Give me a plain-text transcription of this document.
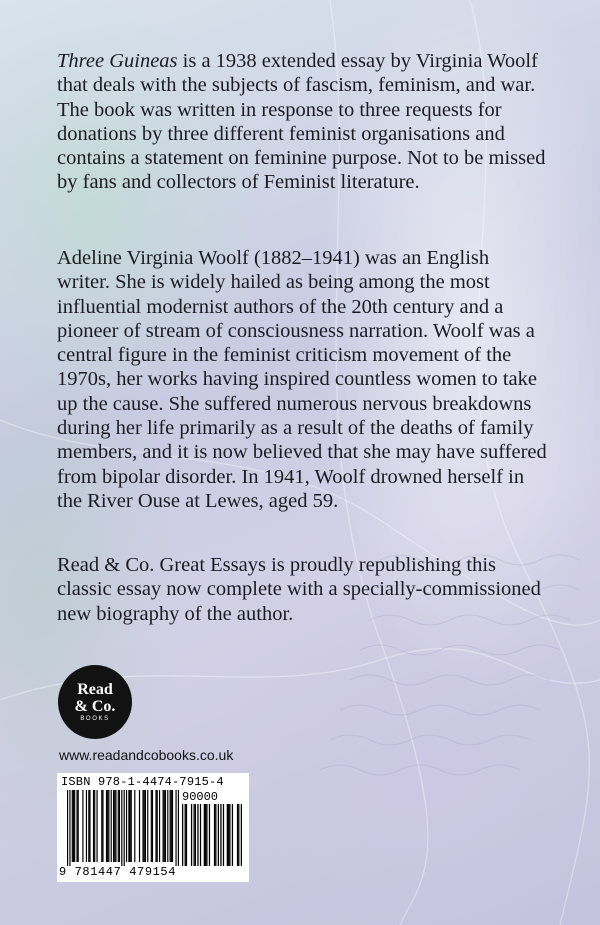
Three Guineas is a 1938 extended essay by Virginia Woolf that deals with the subjects of fascism, feminism, and war. The book was written in response to three requests for donations by three different feminist organisations and contains a statement on feminine purpose. Not to be missed by fans and collectors of Feminist literature.

Adeline Virginia Woolf (1882–1941) was an English writer. She is widely hailed as being among the most influential modernist authors of the 20th century and a pioneer of stream of consciousness narration. Woolf was a central figure in the feminist criticism movement of the 1970s, her works having inspired countless women to take up the cause. She suffered numerous nervous breakdowns during her life primarily as a result of the deaths of family members, and it is now believed that she may have suffered from bipolar disorder. In 1941, Woolf drowned herself in the River Ouse at Lewes, aged 59.

Read & Co. Great Essays is proudly republishing this classic essay now complete with a specially-commissioned new biography of the author.

Read
& Co.
BOOKS
www.readandcobooks.co.uk
ISBN 978-1-4474-7915-4
90000
9 781447 479154
